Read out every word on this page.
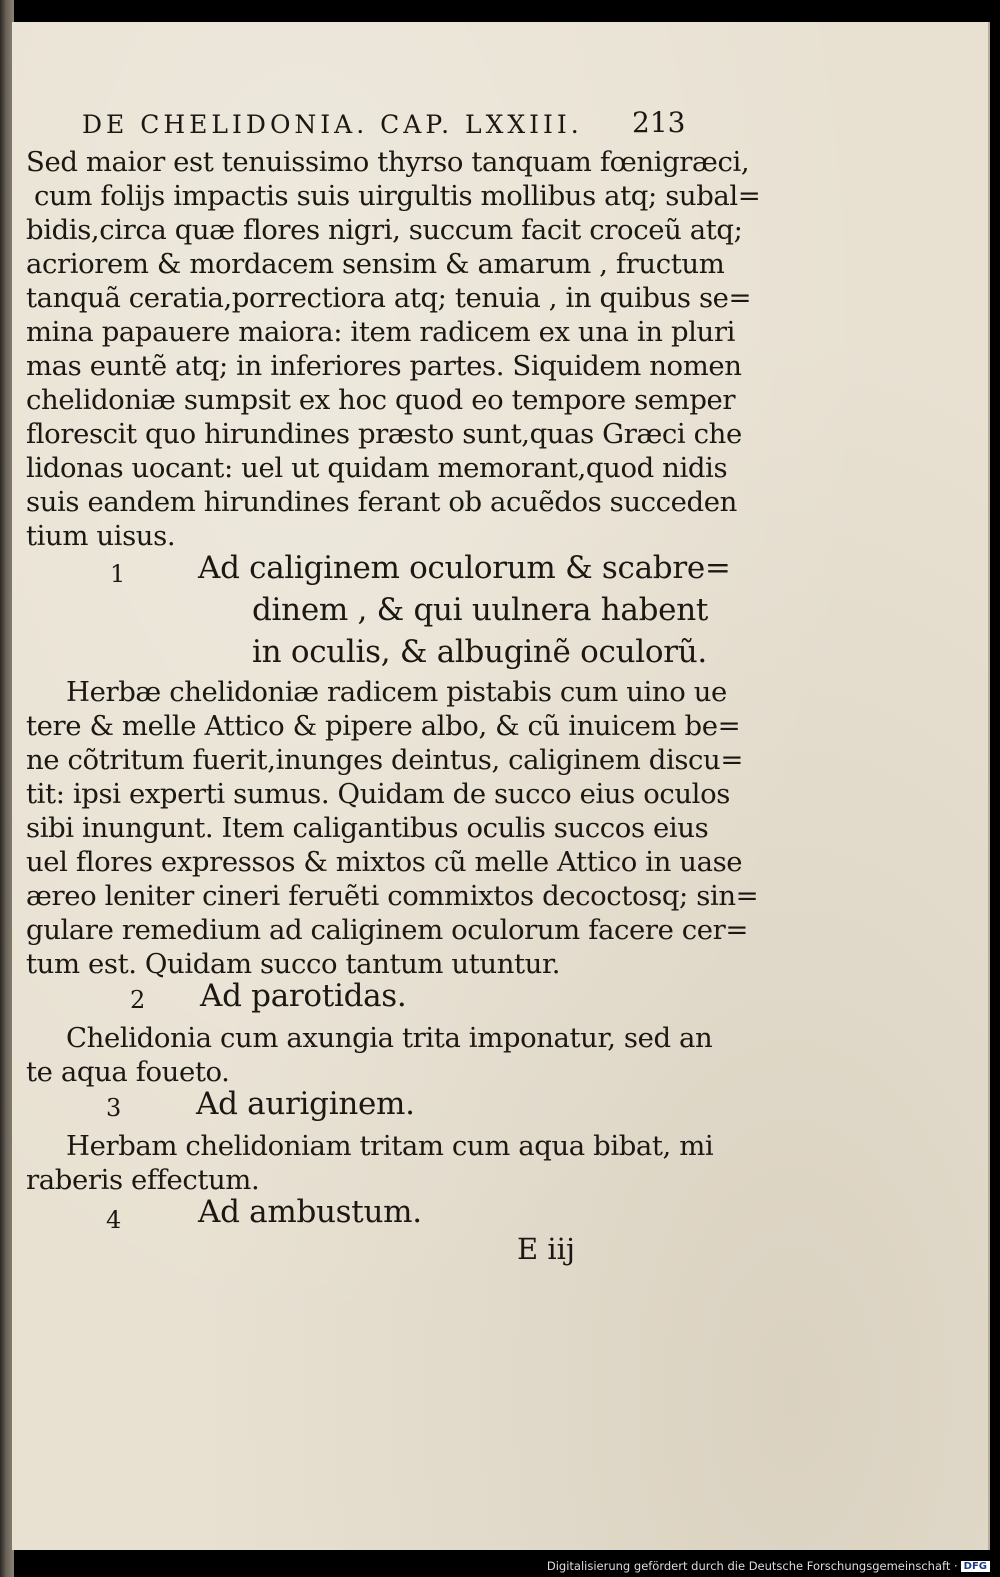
DE CHELIDONIA. CAP. LXXIII.	213
Sed maior est tenuissimo thyrso tanquam fœnigræci,
cum folijs impactis suis uirgultis mollibus atq; subal=
bidis,circa quæ flores nigri, succum facit croceũ atq;
acriorem & mordacem sensim & amarum , fructum
tanquã ceratia,porrectiora atq; tenuia , in quibus se=
mina papauere maiora: item radicem ex una in pluri
mas euntẽ atq; in inferiores partes. Siquidem nomen
chelidoniæ sumpsit ex hoc quod eo tempore semper
florescit quo hirundines præsto sunt,quas Græci che
lidonas uocant: uel ut quidam memorant,quod nidis
suis eandem hirundines ferant ob acuẽdos succeden
tium uisus.
1 Ad caliginem oculorum & scabre=
dinem , & qui uulnera habent
in oculis, & albuginẽ oculorũ.
Herbæ chelidoniæ radicem pistabis cum uino ue
tere & melle Attico & pipere albo, & cũ inuicem be=
ne cõtritum fuerit,inunges deintus, caliginem discu=
tit: ipsi experti sumus. Quidam de succo eius oculos
sibi inungunt. Item caligantibus oculis succos eius
uel flores expressos & mixtos cũ melle Attico in uase
æreo leniter cineri feruẽti commixtos decoctosq; sin=
gulare remedium ad caliginem oculorum facere cer=
tum est. Quidam succo tantum utuntur.
2 Ad parotidas.
Chelidonia cum axungia trita imponatur, sed an
te aqua foueto.
3 Ad auriginem.
Herbam chelidoniam tritam cum aqua bibat, mi
raberis effectum.
4 Ad ambustum.
E iij
Digitalisierung gefördert durch die Deutsche Forschungsgemeinschaft · DFG
